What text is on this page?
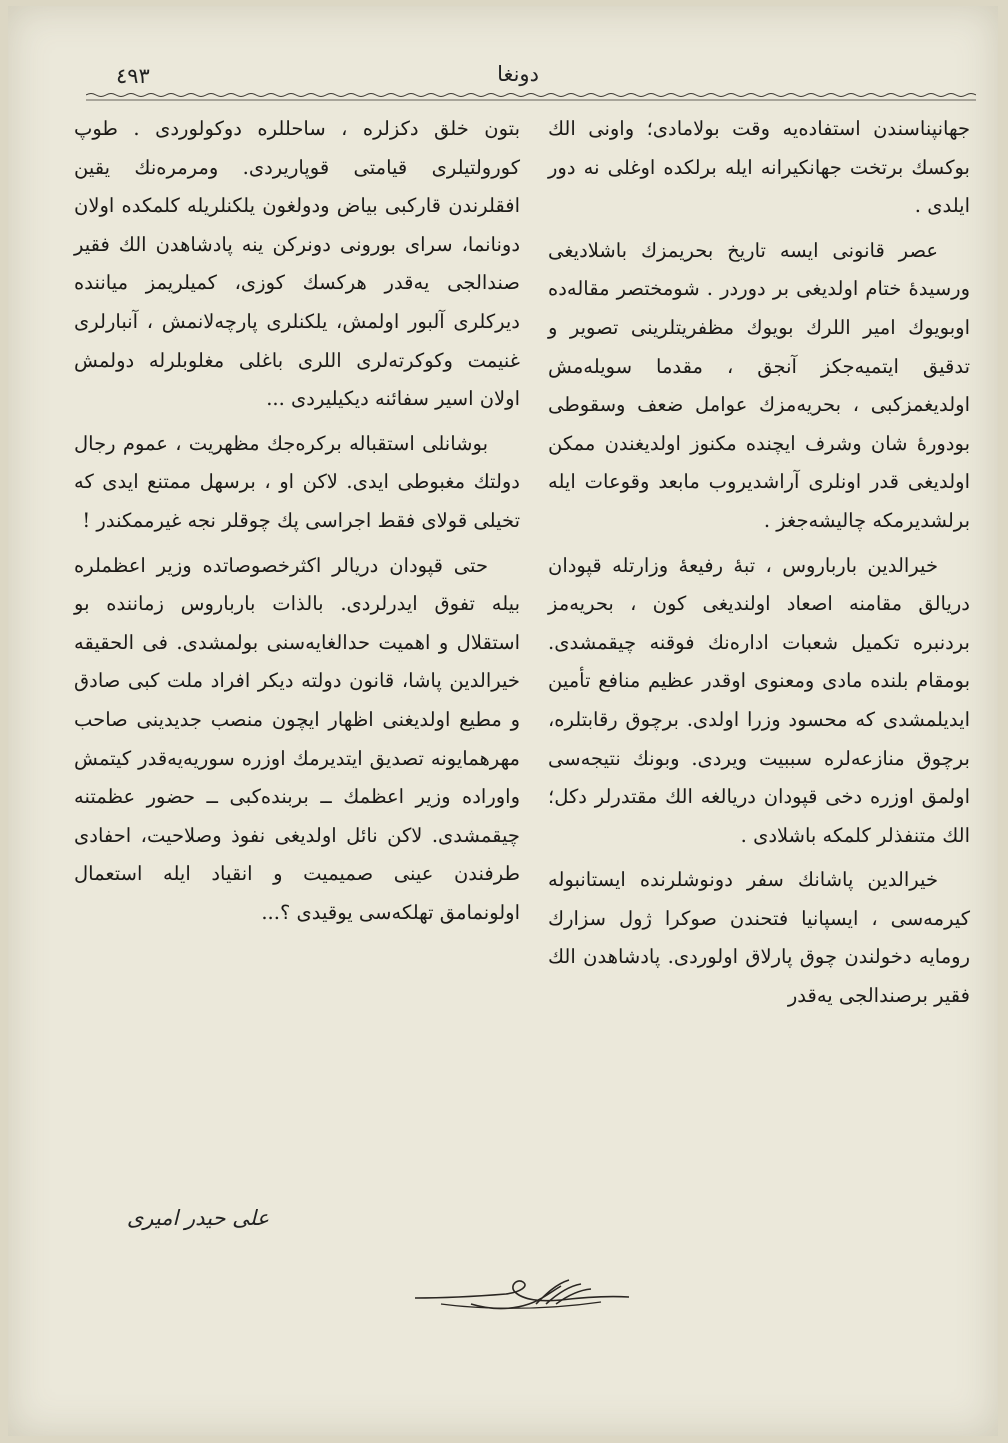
٤٩٣	دونغا

جهانپناسندن استفادەیه وقت بولامادی؛ واونی الك بوكسك برتخت جهانكیرانه ایله برلكده اوغلی نه دور ایلدی .

عصر قانونی ایسه تاریخ بحریمزك باشلادیغی ورسیدۀ ختام اولدیغی بر دوردر . شومختصر مقالەده اوبویوك امیر اللرك بویوك مظفریتلرینی تصویر و تدقیق ایتمیەجكز آنجق ، مقدما سویلەمش اولدیغمزكبی ، بحریەمزك عوامل ضعف وسقوطی بودورۀ شان وشرف ایچنده مكنوز اولدیغندن ممكن اولدیغی قدر اونلری آراشدیروب مابعد وقوعات ایله برلشدیرمكه چالیشەجغز .

خیرالدین بارباروس ، تبۀ رفیعۀ وزارتله قپودان دریالق مقامنه اصعاد اولندیغی كون ، بحریەمز بردنبره تكمیل شعبات ادارەنك فوقنه چیقمشدی. بومقام بلنده مادی ومعنوی اوقدر عظیم منافع تأمین ایدیلمشدی كه محسود وزرا اولدی. برچوق رقابتلره، برچوق منازعەلره سببیت ویردی. وبونك نتیجەسی اولمق اوزره دخی قپودان دریالغه الك مقتدرلر دكل؛ الك متنفذلر كلمكه باشلادی .

خیرالدین پاشانك سفر دونوشلرنده ایستانبوله كیرمەسی ، ایسپانیا فتحندن صوكرا ژول سزارك رومایه دخولندن چوق پارلاق اولوردی. پادشاهدن الك فقیر برصندالجی یەقدر

بتون خلق دكزلره ، ساحللره دوكولوردی . طوپ كورولتیلری قیامتی قوپاریردی. ومرمرەنك یقین افقلرندن قاركبی بیاض ودولغون یلكنلریله كلمكده اولان دونانما، سرای بورونی دونركن ینه پادشاهدن الك فقیر صندالجی یەقدر هركسك كوزی، كمیلریمز میاننده دیركلری آلبور اولمش، یلكنلری پارچەلانمش ، آنبارلری غنیمت وكوكرتەلری اللری باغلی مغلوبلرله دولمش اولان اسیر سفائنه دیكیلیردی ...

بوشانلی استقباله بركرەجك مظهریت ، عموم رجال دولتك مغبوطی ایدی. لاكن او ، برسهل ممتنع ایدی كه تخیلی قولای فقط اجراسی پك چوقلر نجه غیرممكندر !

حتی قپودان دریالر اكثرخصوصاتده وزیر اعظملره بیله تفوق ایدرلردی. بالذات بارباروس زماننده بو استقلال و اهمیت حدالغایەسنی بولمشدی. فی الحقیقه خیرالدین پاشا، قانون دولته دیكر افراد ملت كبی صادق و مطیع اولدیغنی اظهار ایچون منصب جدیدینی صاحب مهرهمایونه تصدیق ایتدیرمك اوزره سوریەیەقدر كیتمش واوراده وزیر اعظمك ــ بربندەكبی ــ حضور عظمتنه چیقمشدی. لاكن نائل اولدیغی نفوذ وصلاحیت، احفادی طرفندن عینی صمیمیت و انقیاد ایله استعمال اولونمامق تهلكەسی یوقیدی ؟...

علی حیدر امیری
